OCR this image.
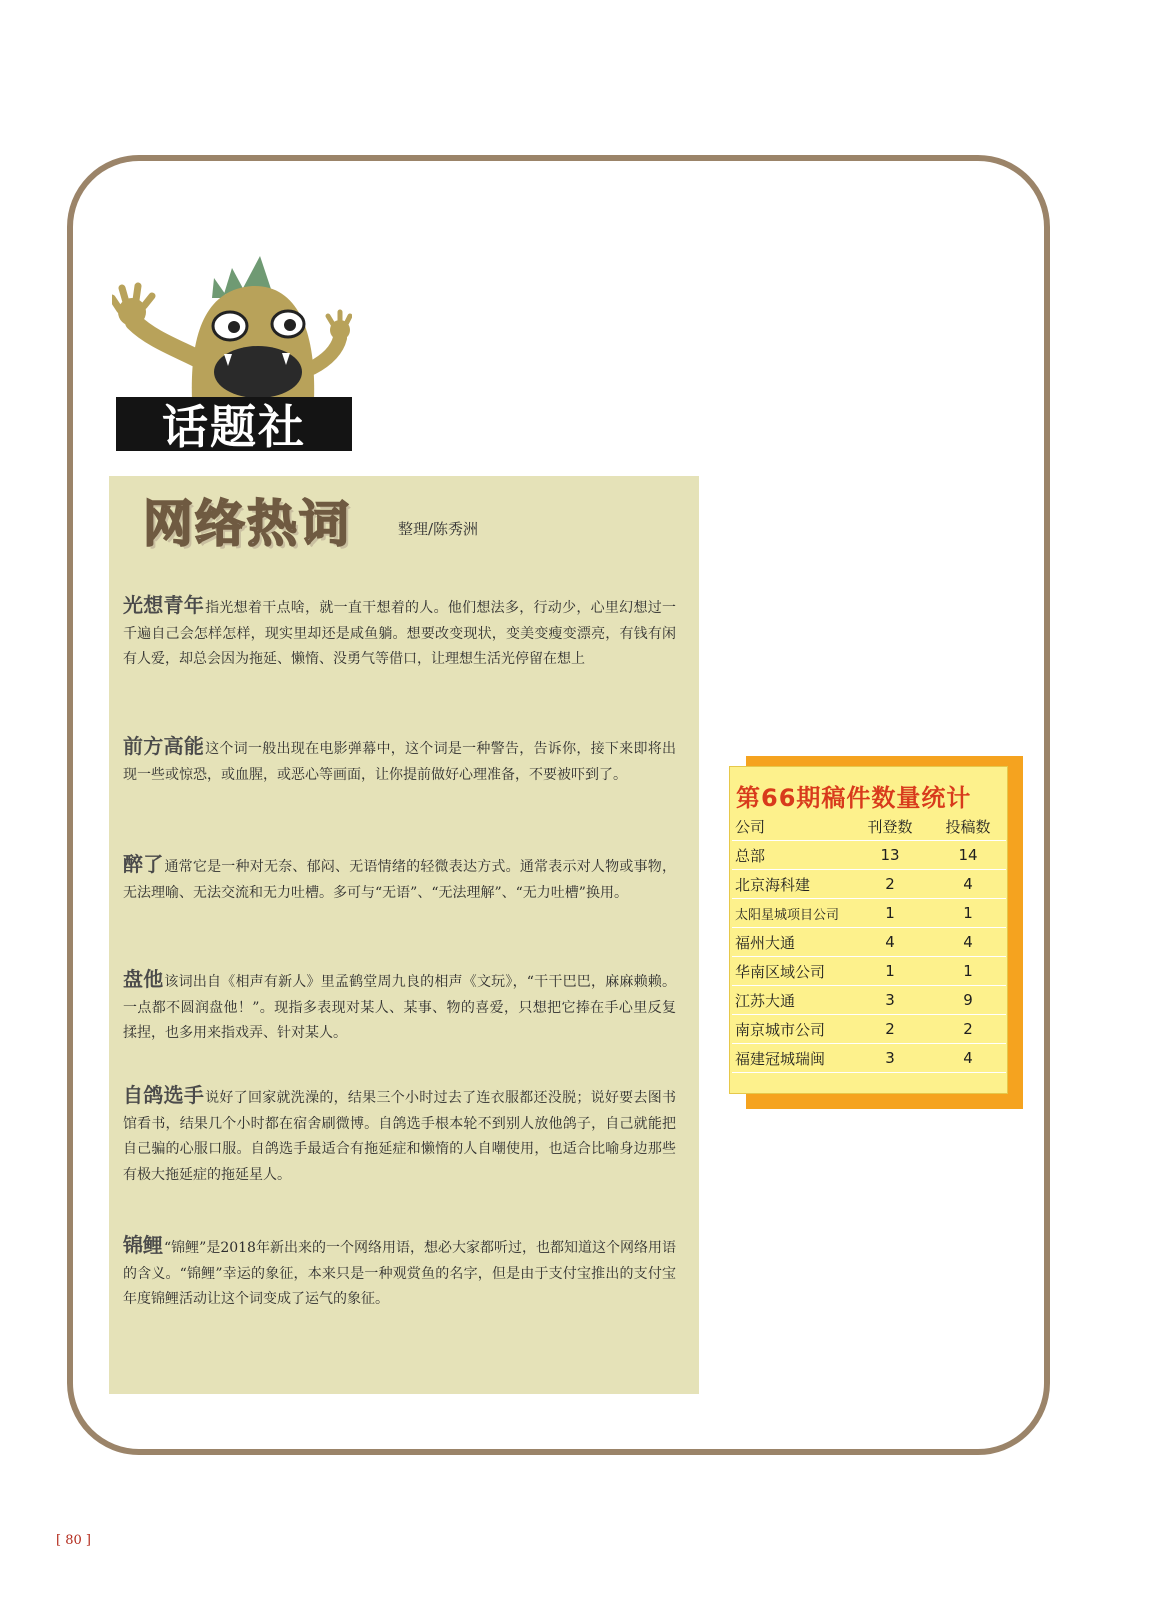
话题社
网络热词	整理/陈秀洲
光想青年指光想着干点啥，就一直干想着的人。他们想法多，行动少，心里幻想过一千遍自己会怎样怎样，现实里却还是咸鱼躺。想要改变现状，变美变瘦变漂亮，有钱有闲有人爱，却总会因为拖延、懒惰、没勇气等借口，让理想生活光停留在想上
前方高能这个词一般出现在电影弹幕中，这个词是一种警告，告诉你，接下来即将出现一些或惊恐，或血腥，或恶心等画面，让你提前做好心理准备，不要被吓到了。
醉了通常它是一种对无奈、郁闷、无语情绪的轻微表达方式。通常表示对人物或事物，无法理喻、无法交流和无力吐槽。多可与“无语”、“无法理解”、“无力吐槽”换用。
盘他该词出自《相声有新人》里孟鹤堂周九良的相声《文玩》，“干干巴巴，麻麻赖赖。一点都不圆润盘他！”。现指多表现对某人、某事、物的喜爱，只想把它捧在手心里反复揉捏，也多用来指戏弄、针对某人。
自鸽选手说好了回家就洗澡的，结果三个小时过去了连衣服都还没脱；说好要去图书馆看书，结果几个小时都在宿舍刷微博。自鸽选手根本轮不到别人放他鸽子，自己就能把自己骗的心服口服。自鸽选手最适合有拖延症和懒惰的人自嘲使用，也适合比喻身边那些有极大拖延症的拖延星人。
锦鲤“锦鲤”是2018年新出来的一个网络用语，想必大家都听过，也都知道这个网络用语的含义。“锦鲤”幸运的象征，本来只是一种观赏鱼的名字，但是由于支付宝推出的支付宝年度锦鲤活动让这个词变成了运气的象征。
第66期稿件数量统计
公司	刊登数	投稿数
总部	13	14
北京海科建	2	4
太阳星城项目公司	1	1
福州大通	4	4
华南区域公司	1	1
江苏大通	3	9
南京城市公司	2	2
福建冠城瑞闽	3	4
[ 80 ]
